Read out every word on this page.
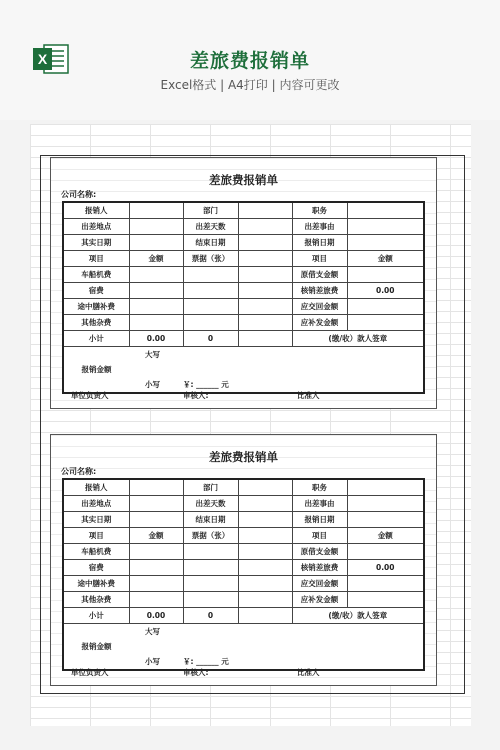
X	差旅费报销单
Excel格式 | A4打印 | 内容可更改
差旅费报销单
公司名称:
报销人		部门		职务	
出差地点		出差天数		出差事由	
其实日期		结束日期		报销日期	
项目	金额	票据（张）		项目	金额
车船机费				原借支金额	
宿费				核销差旅费	0.00
途中膳补费				应交回金额	
其他杂费				应补发金额	
小计	0.00	0		(缴/收）款人签章	
报销金额	大写				

	小写	￥: ______ 元			
单位负责人	审核人:	比准人
差旅费报销单
公司名称:
报销人		部门		职务	
出差地点		出差天数		出差事由	
其实日期		结束日期		报销日期	
项目	金额	票据（张）		项目	金额
车船机费				原借支金额	
宿费				核销差旅费	0.00
途中膳补费				应交回金额	
其他杂费				应补发金额	
小计	0.00	0		(缴/收）款人签章	
报销金额	大写				

	小写	￥: ______ 元			
单位负责人	审核人:	比准人
